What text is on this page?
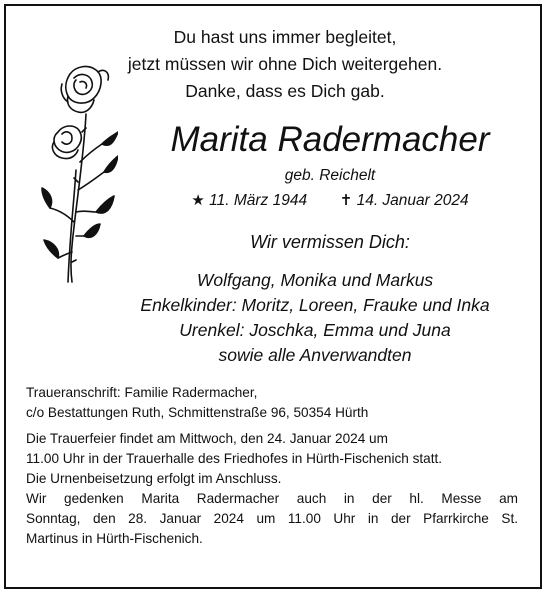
Du hast uns immer begleitet,
jetzt müssen wir ohne Dich weitergehen.
Danke, dass es Dich gab.
Marita Radermacher
geb. Reichelt
★ 11. März 1944 ✝ 14. Januar 2024
Wir vermissen Dich:
Wolfgang, Monika und Markus
Enkelkinder: Moritz, Loreen, Frauke und Inka
Urenkel: Joschka, Emma und Juna
sowie alle Anverwandten
Traueranschrift: Familie Radermacher,
c/o Bestattungen Ruth, Schmittenstraße 96, 50354 Hürth
Die Trauerfeier findet am Mittwoch, den 24. Januar 2024 um
11.00 Uhr in der Trauerhalle des Friedhofes in Hürth-Fischenich statt.
Die Urnenbeisetzung erfolgt im Anschluss.
Wir gedenken Marita Radermacher auch in der hl. Messe am
Sonntag, den 28. Januar 2024 um 11.00 Uhr in der Pfarrkirche St.
Martinus in Hürth-Fischenich.
